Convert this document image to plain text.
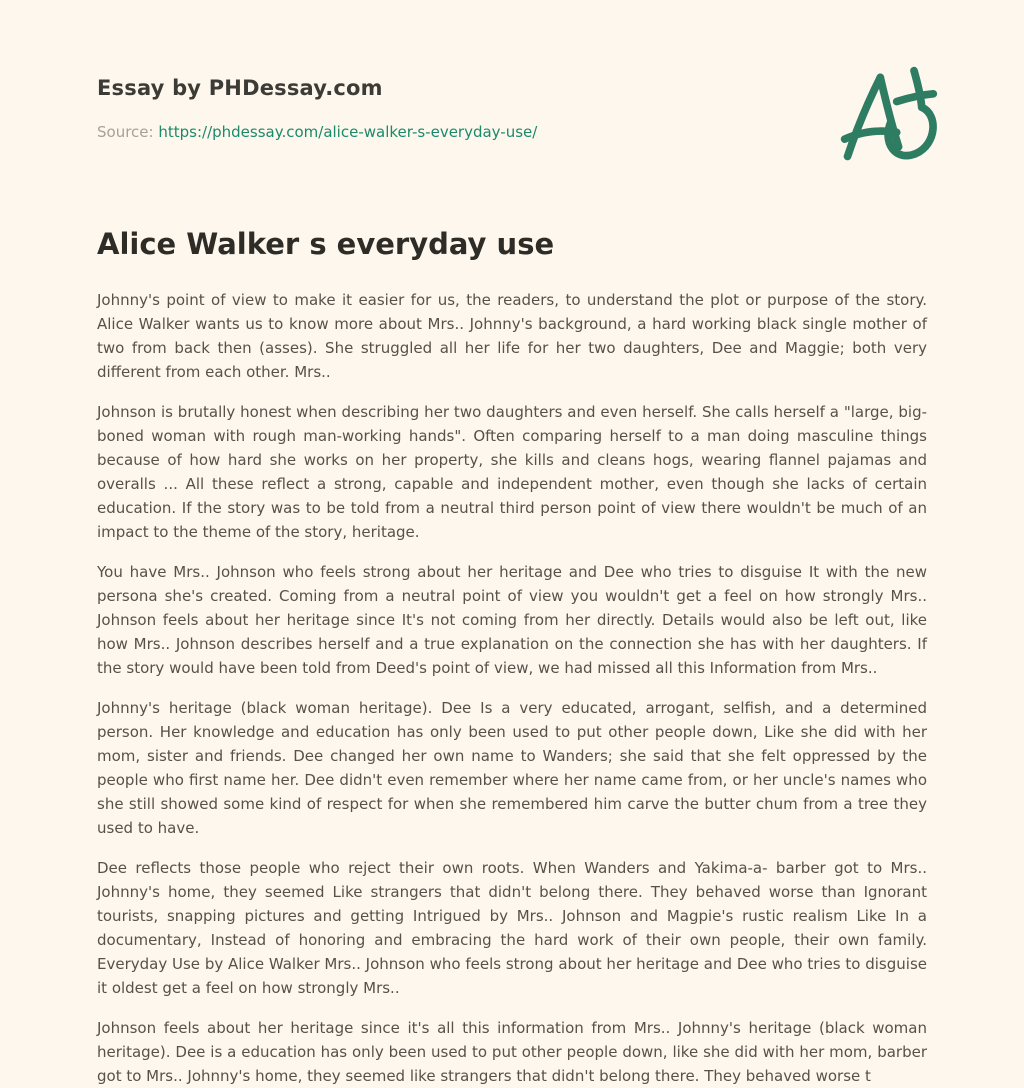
Essay by PHDessay.com

Source: https://phdessay.com/alice-walker-s-everyday-use/

Alice Walker s everyday use

Johnny's point of view to make it easier for us, the readers, to understand the plot or purpose of the story. Alice Walker wants us to know more about Mrs.. Johnny's background, a hard working black single mother of two from back then (asses). She struggled all her life for her two daughters, Dee and Maggie; both very different from each other. Mrs..

Johnson is brutally honest when describing her two daughters and even herself. She calls herself a "large, big-boned woman with rough man-working hands". Often comparing herself to a man doing masculine things because of how hard she works on her property, she kills and cleans hogs, wearing flannel pajamas and overalls ... All these reflect a strong, capable and independent mother, even though she lacks of certain education. If the story was to be told from a neutral third person point of view there wouldn't be much of an impact to the theme of the story, heritage.

You have Mrs.. Johnson who feels strong about her heritage and Dee who tries to disguise It with the new persona she's created. Coming from a neutral point of view you wouldn't get a feel on how strongly Mrs.. Johnson feels about her heritage since It's not coming from her directly. Details would also be left out, like how Mrs.. Johnson describes herself and a true explanation on the connection she has with her daughters. If the story would have been told from Deed's point of view, we had missed all this Information from Mrs..

Johnny's heritage (black woman heritage). Dee Is a very educated, arrogant, selfish, and a determined person. Her knowledge and education has only been used to put other people down, Like she did with her mom, sister and friends. Dee changed her own name to Wanders; she said that she felt oppressed by the people who first name her. Dee didn't even remember where her name came from, or her uncle's names who she still showed some kind of respect for when she remembered him carve the butter chum from a tree they used to have.

Dee reflects those people who reject their own roots. When Wanders and Yakima-a- barber got to Mrs.. Johnny's home, they seemed Like strangers that didn't belong there. They behaved worse than Ignorant tourists, snapping pictures and getting Intrigued by Mrs.. Johnson and Magpie's rustic realism Like In a documentary, Instead of honoring and embracing the hard work of their own people, their own family. Everyday Use by Alice Walker Mrs.. Johnson who feels strong about her heritage and Dee who tries to disguise it oldest get a feel on how strongly Mrs..

Johnson feels about her heritage since it's all this information from Mrs.. Johnny's heritage (black woman heritage). Dee is a education has only been used to put other people down, like she did with her mom, barber got to Mrs.. Johnny's home, they seemed like strangers that didn't belong there. They behaved worse t
